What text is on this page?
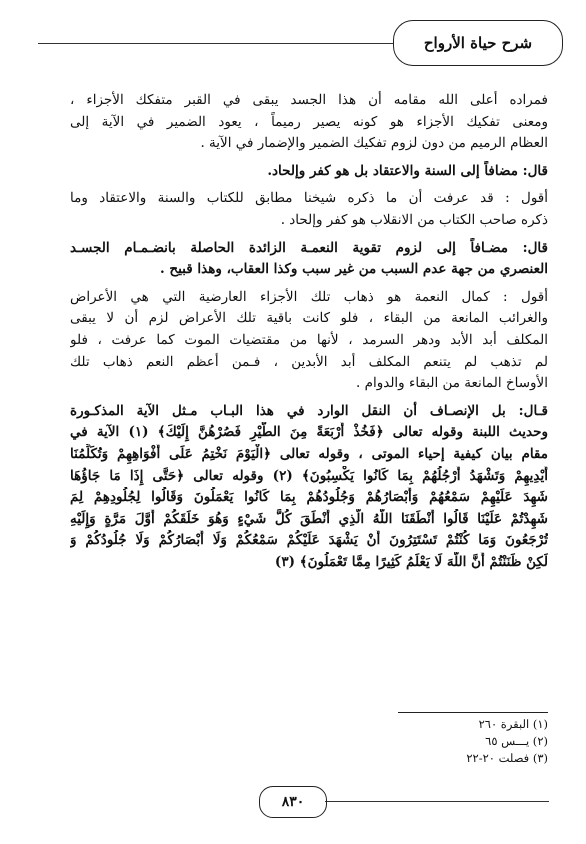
شرح حياة الأرواح
فمراده أعلى الله مقامه أن هذا الجسد يبقى في القبر متفكك الأجزاء ،
ومعنى تفكيك الأجزاء هو كونه يصير رميماً ، يعود الضمير في الآية إلى
العظام الرميم من دون لزوم تفكيك الضمير والإضمار في الآية .
قال: مضافاً إلى السنة والاعتقاد بل هو كفر وإلحاد.
أقول : قد عرفت أن ما ذكره شيخنا مطابق للكتاب والسنة والاعتقاد وما
ذكره صاحب الكتاب من الانقلاب هو كفر وإلحاد .
قال: مضـافاً إلى لزوم تقوية النعمـة الزائدة الحاصلة بانضـمـام الجسـد
العنصري من جهة عدم السبب من غير سبب وكذا العقاب، وهذا قبيح .
أقول : كمال النعمة هو ذهاب تلك الأجزاء العارضية التي هي الأعراض
والغرائب المانعة من البقاء ، فلو كانت باقية تلك الأعراض لزم أن لا يبقى
المكلف أبد الأبد ودهر السرمد ، لأنها من مقتضيات الموت كما عرفت ، فلو
لم تذهب لم يتنعم المكلف أبد الأبدين ، فـمن أعظم النعم ذهاب تلك
الأوساخ المانعة من البقاء والدوام .
قـال: بل الإنصـاف أن النقل الوارد في هذا البـاب مـثل الآية المذكـورة
وحديث اللبنة وقوله تعالى ﴿فَخُذْ أَرْبَعَةً مِنَ الطَّيْرِ فَصُرْهُنَّ إِلَيْكَ﴾ (١) الآية في
مقام بيان كيفية إحياء الموتى ، وقوله تعالى ﴿الْيَوْمَ نَخْتِمُ عَلَى أَفْوَاهِهِمْ وَتُكَلِّمُنَا
أَيْدِيهِمْ وَتَشْهَدُ أَرْجُلُهُمْ بِمَا كَانُوا يَكْسِبُونَ﴾ (٢) وقوله تعالى ﴿حَتَّى إِذَا مَا جَاؤُهَا
شَهِدَ عَلَيْهِمْ سَمْعُهُمْ وَأَبْصَارُهُمْ وَجُلُودُهُمْ بِمَا كَانُوا يَعْمَلُونَ وَقَالُوا لِجُلُودِهِمْ لِمَ
شَهِدْتُمْ عَلَيْنَا قَالُوا أَنْطَقَنَا اللَّهُ الَّذِي أَنْطَقَ كُلَّ شَيْءٍ وَهُوَ خَلَقَكُمْ أَوَّلَ مَرَّةٍ وَإِلَيْهِ
تُرْجَعُونَ وَمَا كُنْتُمْ تَسْتَتِرُونَ أَنْ يَشْهَدَ عَلَيْكُمْ سَمْعُكُمْ وَلَا أَبْصَارُكُمْ وَلَا جُلُودُكُمْ وَ
لَكِنْ ظَنَنْتُمْ أَنَّ اللَّهَ لَا يَعْلَمُ كَثِيرًا مِمَّا تَعْمَلُونَ﴾ (٣)
(١) البقرة ٢٦٠
(٢) يـــس ٦٥
(٣) فصلت ٢٠-٢٢
٨٣٠
